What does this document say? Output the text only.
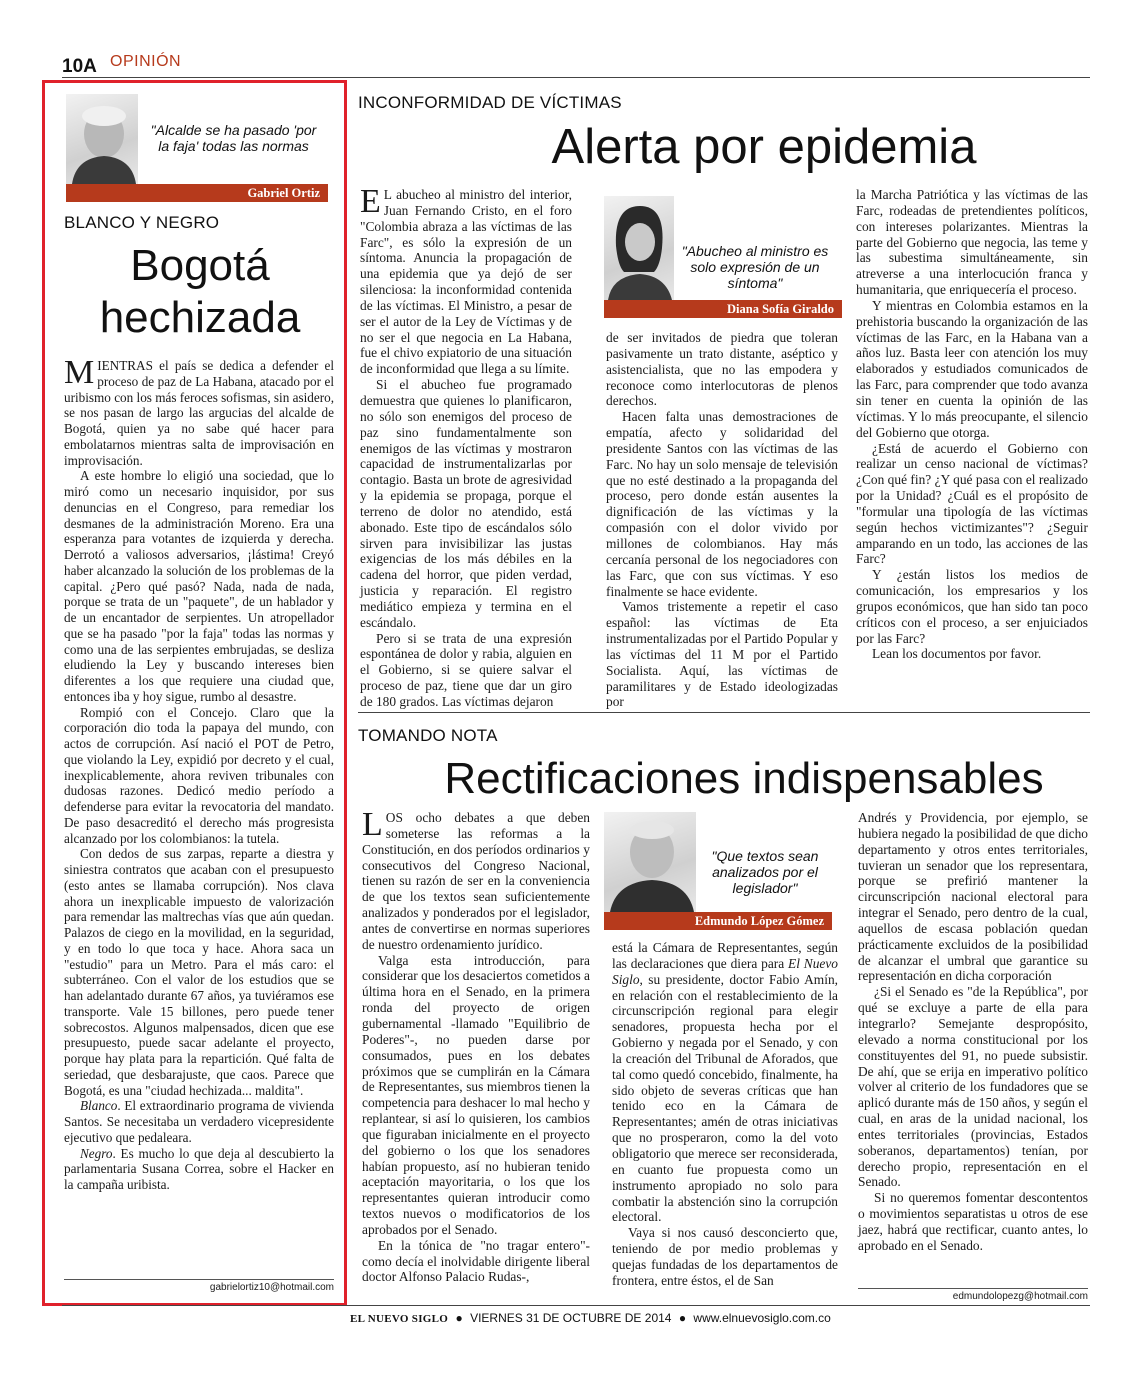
10A OPINIÓN
"Alcalde se ha pasado 'por la faja' todas las normas
Gabriel Ortiz
BLANCO Y NEGRO
Bogotá
hechizada

MIENTRAS el país se dedica a defender el proceso de paz de La Habana, atacado por el uribismo con los más feroces sofismas, sin asidero, se nos pasan de largo las argucias del alcalde de Bogotá, quien ya no sabe qué hacer para embolatarnos mientras salta de improvisación en improvisación.

A este hombre lo eligió una sociedad, que lo miró como un necesario inquisidor, por sus denuncias en el Congreso, para remediar los desmanes de la administración Moreno. Era una esperanza para votantes de izquierda y derecha. Derrotó a valiosos adversarios, ¡lástima! Creyó haber alcanzado la solución de los problemas de la capital. ¿Pero qué pasó? Nada, nada de nada, porque se trata de un "paquete", de un hablador y de un encantador de serpientes. Un atropellador que se ha pasado "por la faja" todas las normas y como una de las serpientes embrujadas, se desliza eludiendo la Ley y buscando intereses bien diferentes a los que requiere una ciudad que, entonces iba y hoy sigue, rumbo al desastre.

Rompió con el Concejo. Claro que la corporación dio toda la papaya del mundo, con actos de corrupción. Así nació el POT de Petro, que violando la Ley, expidió por decreto y el cual, inexplicablemente, ahora reviven tribunales con dudosas razones. Dedicó medio período a defenderse para evitar la revocatoria del mandato. De paso desacreditó el derecho más progresista alcanzado por los colombianos: la tutela.

Con dedos de sus zarpas, reparte a diestra y siniestra contratos que acaban con el presupuesto (esto antes se llamaba corrupción). Nos clava ahora un inexplicable impuesto de valorización para remendar las maltrechas vías que aún quedan. Palazos de ciego en la movilidad, en la seguridad, y en todo lo que toca y hace. Ahora saca un "estudio" para un Metro. Para el más caro: el subterráneo. Con el valor de los estudios que se han adelantado durante 67 años, ya tuviéramos ese transporte. Vale 15 billones, pero puede tener sobrecostos. Algunos malpensados, dicen que ese presupuesto, puede sacar adelante el proyecto, porque hay plata para la repartición. Qué falta de seriedad, que desbarajuste, que caos. Parece que Bogotá, es una "ciudad hechizada... maldita".

Blanco. El extraordinario programa de vivienda Santos. Se necesitaba un verdadero vicepresidente ejecutivo que pedaleara.

Negro. Es mucho lo que deja al descubierto la parlamentaria Susana Correa, sobre el Hacker en la campaña uribista.

gabrielortiz10@hotmail.com
INCONFORMIDAD DE VÍCTIMAS
Alerta por epidemia

E L abucheo al ministro del interior, Juan Fernando Cristo, en el foro "Colombia abraza a las víctimas de las Farc", es sólo la expresión de un síntoma. Anuncia la propagación de una epidemia que ya dejó de ser silenciosa: la inconformidad contenida de las víctimas. El Ministro, a pesar de ser el autor de la Ley de Víctimas y de no ser el que negocia en La Habana, fue el chivo expiatorio de una situación de inconformidad que llega a su límite.

Si el abucheo fue programado demuestra que quienes lo planificaron, no sólo son enemigos del proceso de paz sino fundamentalmente son enemigos de las víctimas y mostraron capacidad de instrumentalizarlas por contagio. Basta un brote de agresividad y la epidemia se propaga, porque el terreno de dolor no atendido, está abonado. Este tipo de escándalos sólo sirven para invisibilizar las justas exigencias de los más débiles en la cadena del horror, que piden verdad, justicia y reparación. El registro mediático empieza y termina en el escándalo.

Pero si se trata de una expresión espontánea de dolor y rabia, alguien en el Gobierno, si se quiere salvar el proceso de paz, tiene que dar un giro de 180 grados. Las víctimas dejaron

"Abucheo al ministro es solo expresión de un síntoma"
Diana Sofía Giraldo

de ser invitados de piedra que toleran pasivamente un trato distante, aséptico y asistencialista, que no las empodera y reconoce como interlocutoras de plenos derechos.

Hacen falta unas demostraciones de empatía, afecto y solidaridad del presidente Santos con las víctimas de las Farc. No hay un solo mensaje de televisión que no esté destinado a la propaganda del proceso, pero donde están ausentes la dignificación de las víctimas y la compasión con el dolor vivido por millones de colombianos. Hay más cercanía personal de los negociadores con las Farc, que con sus víctimas. Y eso finalmente se hace evidente.

Vamos tristemente a repetir el caso español: las víctimas de Eta instrumentalizadas por el Partido Popular y las víctimas del 11 M por el Partido Socialista. Aquí, las víctimas de paramilitares y de Estado ideologizadas por

la Marcha Patriótica y las víctimas de las Farc, rodeadas de pretendientes políticos, con intereses polarizantes. Mientras la parte del Gobierno que negocia, las teme y las subestima simultáneamente, sin atreverse a una interlocución franca y humanitaria, que enriquecería el proceso.

Y mientras en Colombia estamos en la prehistoria buscando la organización de las víctimas de las Farc, en la Habana van a años luz. Basta leer con atención los muy elaborados y estudiados comunicados de las Farc, para comprender que todo avanza sin tener en cuenta la opinión de las víctimas. Y lo más preocupante, el silencio del Gobierno que otorga.

¿Está de acuerdo el Gobierno con realizar un censo nacional de víctimas? ¿Con qué fin? ¿Y qué pasa con el realizado por la Unidad? ¿Cuál es el propósito de "formular una tipología de las víctimas según hechos victimizantes"? ¿Seguir amparando en un todo, las acciones de las Farc?

Y ¿están listos los medios de comunicación, los empresarios y los grupos económicos, que han sido tan poco críticos con el proceso, a ser enjuiciados por las Farc?

Lean los documentos por favor.

TOMANDO NOTA
Rectificaciones indispensables

LOS ocho debates a que deben someterse las reformas a la Constitución, en dos períodos ordinarios y consecutivos del Congreso Nacional, tienen su razón de ser en la conveniencia de que los textos sean suficientemente analizados y ponderados por el legislador, antes de convertirse en normas superiores de nuestro ordenamiento jurídico.

Valga esta introducción, para considerar que los desaciertos cometidos a última hora en el Senado, en la primera ronda del proyecto de origen gubernamental -llamado "Equilibrio de Poderes"-, no pueden darse por consumados, pues en los debates próximos que se cumplirán en la Cámara de Representantes, sus miembros tienen la competencia para deshacer lo mal hecho y replantear, si así lo quisieren, los cambios que figuraban inicialmente en el proyecto del gobierno o los que los senadores habían propuesto, así no hubieran tenido aceptación mayoritaria, o los que los representantes quieran introducir como textos nuevos o modificatorios de los aprobados por el Senado.

En la tónica de "no tragar entero"-como decía el inolvidable dirigente liberal doctor Alfonso Palacio Rudas-,

"Que textos sean analizados por el legislador"
Edmundo López Gómez

está la Cámara de Representantes, según las declaraciones que diera para El Nuevo Siglo, su presidente, doctor Fabio Amín, en relación con el restablecimiento de la circunscripción regional para elegir senadores, propuesta hecha por el Gobierno y negada por el Senado, y con la creación del Tribunal de Aforados, que tal como quedó concebido, finalmente, ha sido objeto de severas críticas que han tenido eco en la Cámara de Representantes; amén de otras iniciativas que no prosperaron, como la del voto obligatorio que merece ser reconsiderada, en cuanto fue propuesta como un instrumento apropiado no solo para combatir la abstención sino la corrupción electoral.

Vaya si nos causó desconcierto que, teniendo de por medio problemas y quejas fundadas de los departamentos de frontera, entre éstos, el de San

Andrés y Providencia, por ejemplo, se hubiera negado la posibilidad de que dicho departamento y otros entes territoriales, tuvieran un senador que los representara, porque se prefirió mantener la circunscripción nacional electoral para integrar el Senado, pero dentro de la cual, aquellos de escasa población quedan prácticamente excluidos de la posibilidad de alcanzar el umbral que garantice su representación en dicha corporación

¿Si el Senado es "de la República", por qué se excluye a parte de ella para integrarlo? Semejante despropósito, elevado a norma constitucional por los constituyentes del 91, no puede subsistir. De ahí, que se erija en imperativo político volver al criterio de los fundadores que se aplicó durante más de 150 años, y según el cual, en aras de la unidad nacional, los entes territoriales (provincias, Estados soberanos, departamentos) tenían, por derecho propio, representación en el Senado.

Si no queremos fomentar descontentos o movimientos separatistas u otros de ese jaez, habrá que rectificar, cuanto antes, lo aprobado en el Senado.

edmundolopezg@hotmail.com
EL NUEVO SIGLO ● VIERNES 31 DE OCTUBRE DE 2014 ● www.elnuevosiglo.com.co
